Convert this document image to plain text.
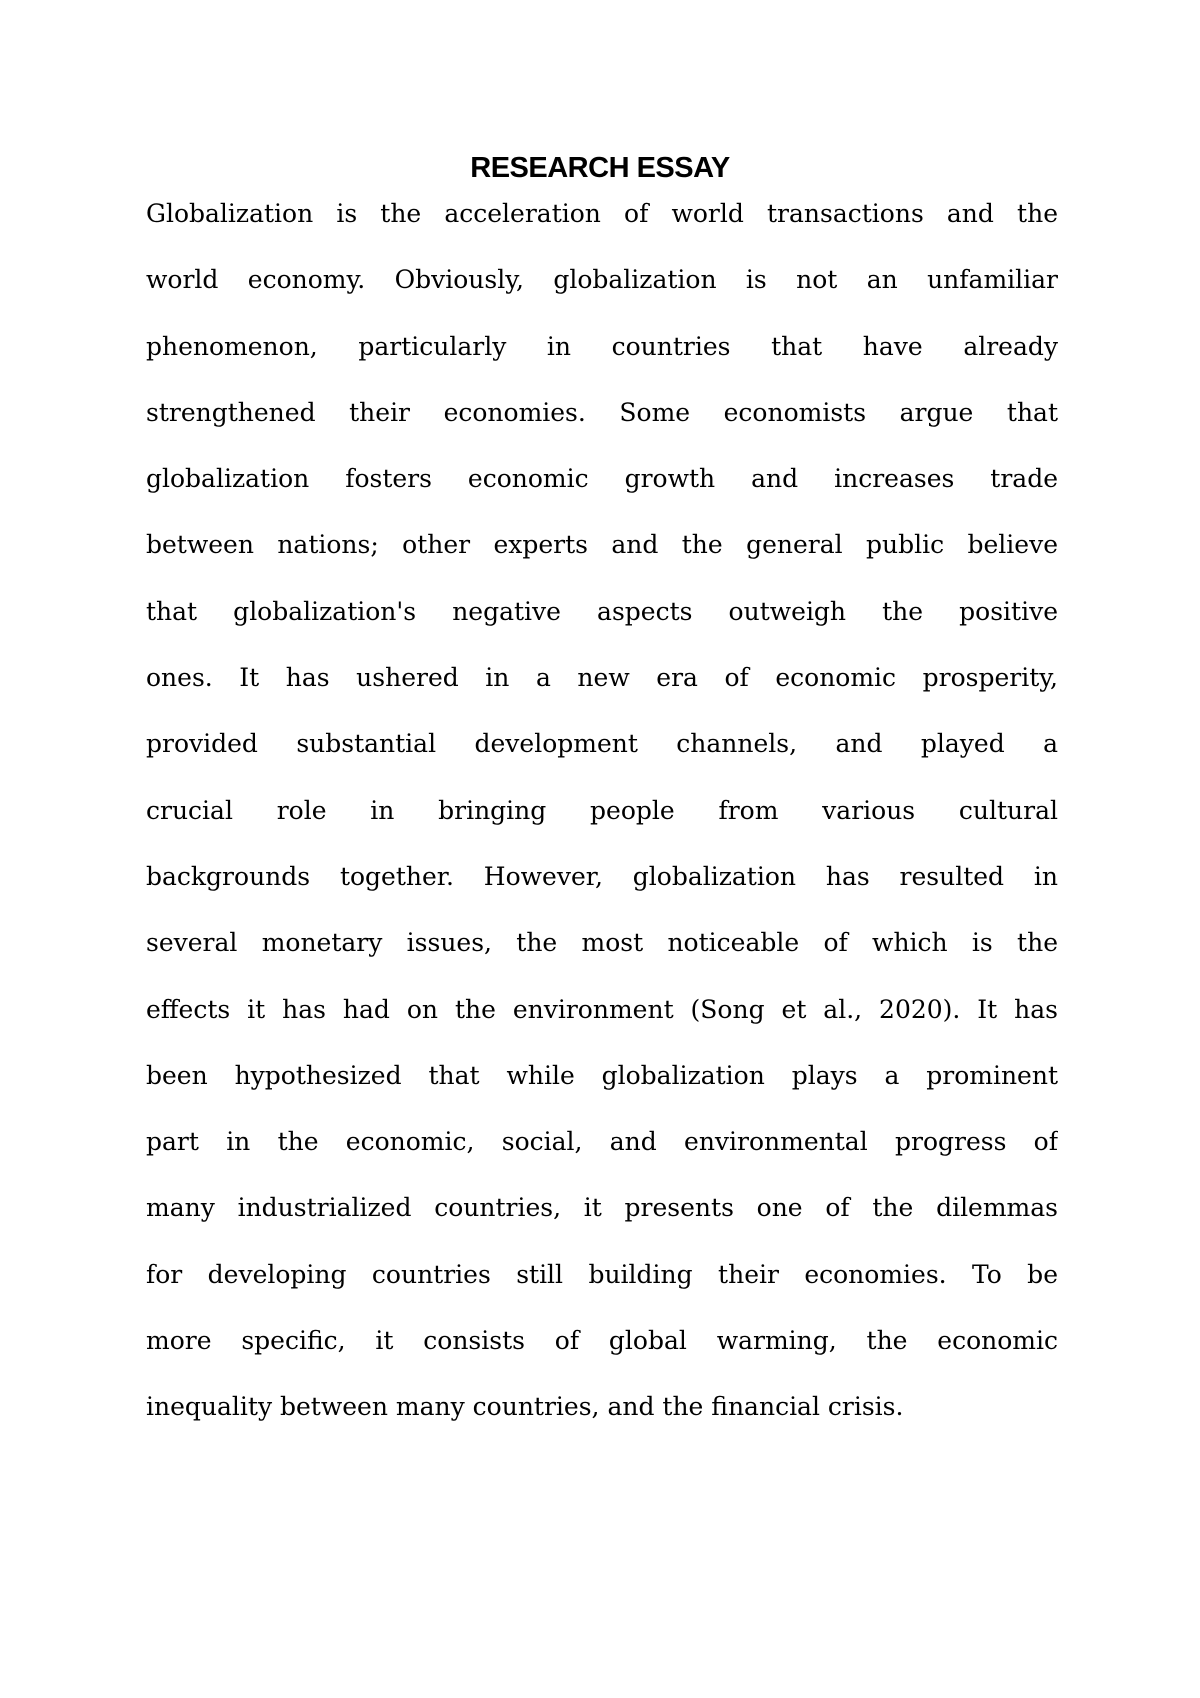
RESEARCH ESSAY
Globalization is the acceleration of world transactions and the
world economy. Obviously, globalization is not an unfamiliar
phenomenon, particularly in countries that have already
strengthened their economies. Some economists argue that
globalization fosters economic growth and increases trade
between nations; other experts and the general public believe
that globalization's negative aspects outweigh the positive
ones. It has ushered in a new era of economic prosperity,
provided substantial development channels, and played a
crucial role in bringing people from various cultural
backgrounds together. However, globalization has resulted in
several monetary issues, the most noticeable of which is the
effects it has had on the environment (Song et al., 2020). It has
been hypothesized that while globalization plays a prominent
part in the economic, social, and environmental progress of
many industrialized countries, it presents one of the dilemmas
for developing countries still building their economies. To be
more specific, it consists of global warming, the economic
inequality between many countries, and the financial crisis.
